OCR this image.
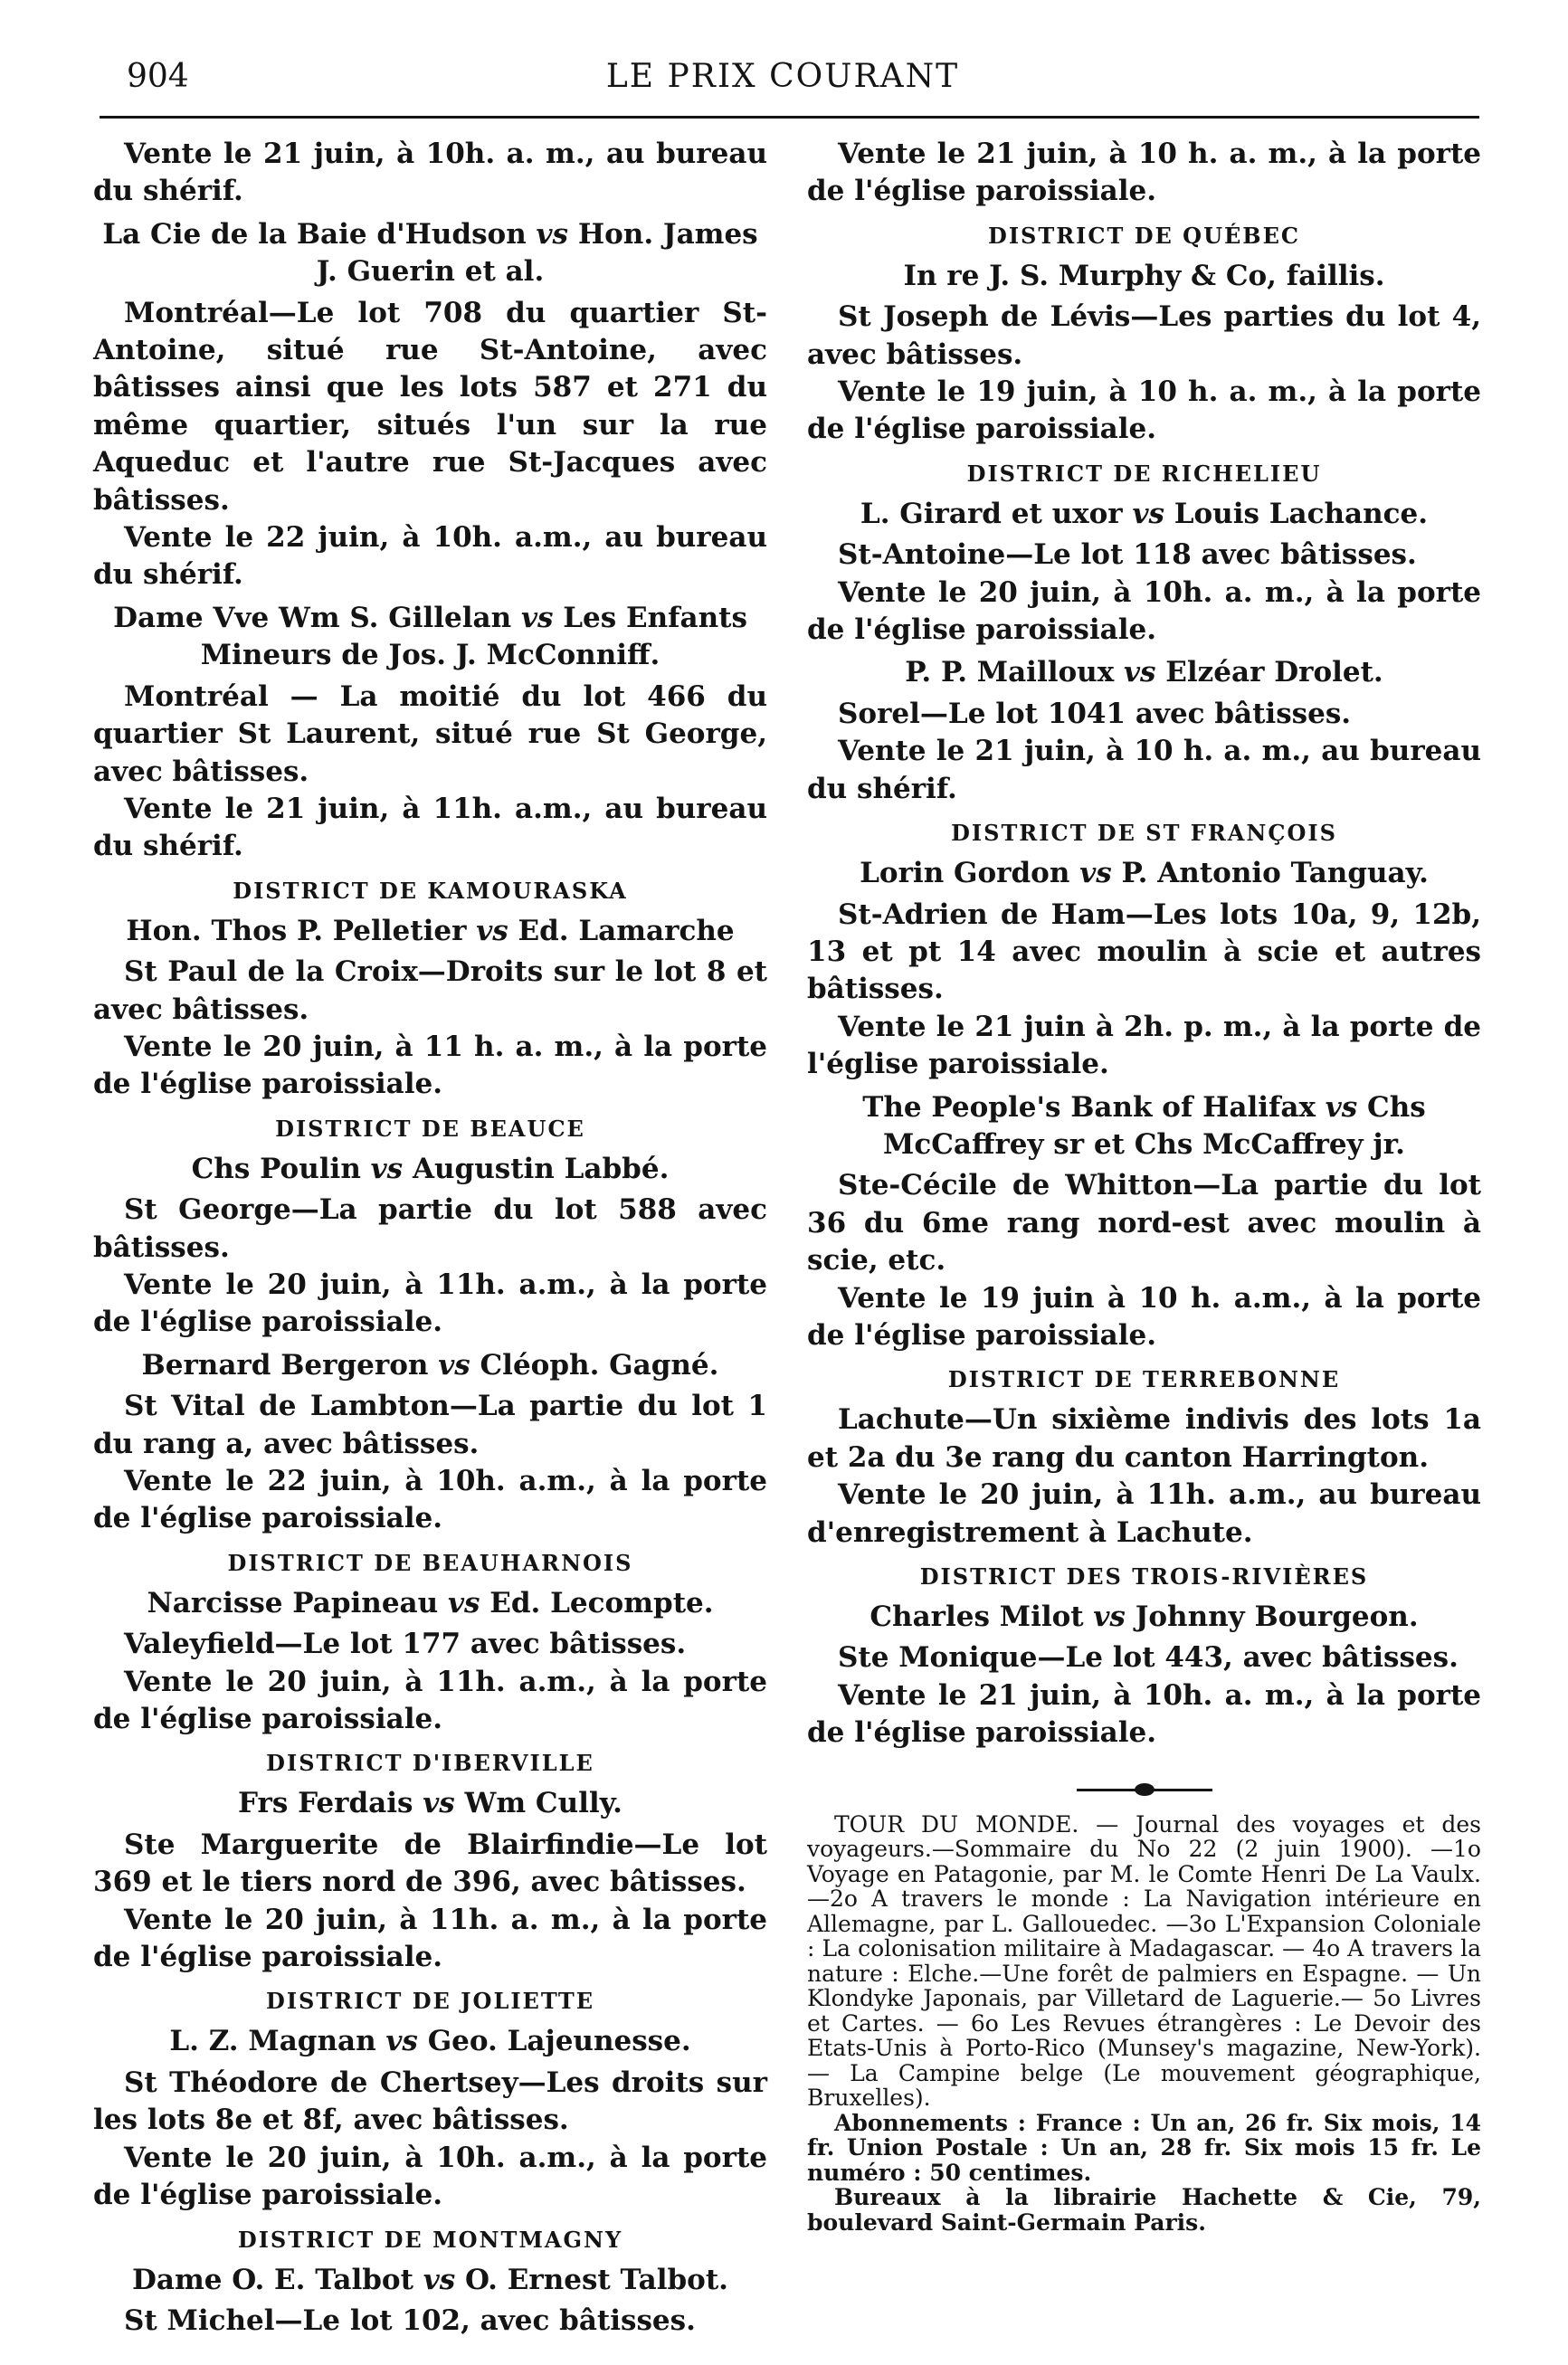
904	LE PRIX COURANT

Vente le 21 juin, à 10h. a. m., au bureau du shérif.

La Cie de la Baie d'Hudson vs Hon. James J. Guerin et al.

Montréal—Le lot 708 du quartier St-Antoine, situé rue St-Antoine, avec bâtisses ainsi que les lots 587 et 271 du même quartier, situés l'un sur la rue Aqueduc et l'autre rue St-Jacques avec bâtisses.

Vente le 22 juin, à 10h. a.m., au bureau du shérif.

Dame Vve Wm S. Gillelan vs Les Enfants Mineurs de Jos. J. McConniff.

Montréal — La moitié du lot 466 du quartier St Laurent, situé rue St George, avec bâtisses.

Vente le 21 juin, à 11h. a.m., au bureau du shérif.

DISTRICT DE KAMOURASKA

Hon. Thos P. Pelletier vs Ed. Lamarche

St Paul de la Croix—Droits sur le lot 8 et avec bâtisses.

Vente le 20 juin, à 11 h. a. m., à la porte de l'église paroissiale.

DISTRICT DE BEAUCE

Chs Poulin vs Augustin Labbé.

St George—La partie du lot 588 avec bâtisses.

Vente le 20 juin, à 11h. a.m., à la porte de l'église paroissiale.

Bernard Bergeron vs Cléoph. Gagné.

St Vital de Lambton—La partie du lot 1 du rang a, avec bâtisses.

Vente le 22 juin, à 10h. a.m., à la porte de l'église paroissiale.

DISTRICT DE BEAUHARNOIS

Narcisse Papineau vs Ed. Lecompte.

Valeyfield—Le lot 177 avec bâtisses.

Vente le 20 juin, à 11h. a.m., à la porte de l'église paroissiale.

DISTRICT D'IBERVILLE

Frs Ferdais vs Wm Cully.

Ste Marguerite de Blairfindie—Le lot 369 et le tiers nord de 396, avec bâtisses.

Vente le 20 juin, à 11h. a. m., à la porte de l'église paroissiale.

DISTRICT DE JOLIETTE

L. Z. Magnan vs Geo. Lajeunesse.

St Théodore de Chertsey—Les droits sur les lots 8e et 8f, avec bâtisses.

Vente le 20 juin, à 10h. a.m., à la porte de l'église paroissiale.

DISTRICT DE MONTMAGNY

Dame O. E. Talbot vs O. Ernest Talbot.

St Michel—Le lot 102, avec bâtisses.

Vente le 21 juin, à 10 h. a. m., à la porte de l'église paroissiale.

DISTRICT DE QUÉBEC

In re J. S. Murphy & Co, faillis.

St Joseph de Lévis—Les parties du lot 4, avec bâtisses.

Vente le 19 juin, à 10 h. a. m., à la porte de l'église paroissiale.

DISTRICT DE RICHELIEU

L. Girard et uxor vs Louis Lachance.

St-Antoine—Le lot 118 avec bâtisses.

Vente le 20 juin, à 10h. a. m., à la porte de l'église paroissiale.

P. P. Mailloux vs Elzéar Drolet.

Sorel—Le lot 1041 avec bâtisses.

Vente le 21 juin, à 10 h. a. m., au bureau du shérif.

DISTRICT DE ST FRANÇOIS

Lorin Gordon vs P. Antonio Tanguay.

St-Adrien de Ham—Les lots 10a, 9, 12b, 13 et pt 14 avec moulin à scie et autres bâtisses.

Vente le 21 juin à 2h. p. m., à la porte de l'église paroissiale.

The People's Bank of Halifax vs Chs McCaffrey sr et Chs McCaffrey jr.

Ste-Cécile de Whitton—La partie du lot 36 du 6me rang nord-est avec moulin à scie, etc.

Vente le 19 juin à 10 h. a.m., à la porte de l'église paroissiale.

DISTRICT DE TERREBONNE

Lachute—Un sixième indivis des lots 1a et 2a du 3e rang du canton Harrington.

Vente le 20 juin, à 11h. a.m., au bureau d'enregistrement à Lachute.

DISTRICT DES TROIS-RIVIÈRES

Charles Milot vs Johnny Bourgeon.

Ste Monique—Le lot 443, avec bâtisses.

Vente le 21 juin, à 10h. a. m., à la porte de l'église paroissiale.

TOUR DU MONDE. — Journal des voyages et des voyageurs.—Sommaire du No 22 (2 juin 1900). —1o Voyage en Patagonie, par M. le Comte Henri De La Vaulx.—2o A travers le monde : La Navigation intérieure en Allemagne, par L. Gallouedec. —3o L'Expansion Coloniale : La colonisation militaire à Madagascar. — 4o A travers la nature : Elche.—Une forêt de palmiers en Espagne. — Un Klondyke Japonais, par Villetard de Laguerie.— 5o Livres et Cartes. — 6o Les Revues étrangères : Le Devoir des Etats-Unis à Porto-Rico (Munsey's magazine, New-York). — La Campine belge (Le mouvement géographique, Bruxelles).

Abonnements : France : Un an, 26 fr. Six mois, 14 fr. Union Postale : Un an, 28 fr. Six mois 15 fr. Le numéro : 50 centimes.

Bureaux à la librairie Hachette & Cie, 79, boulevard Saint-Germain Paris.
